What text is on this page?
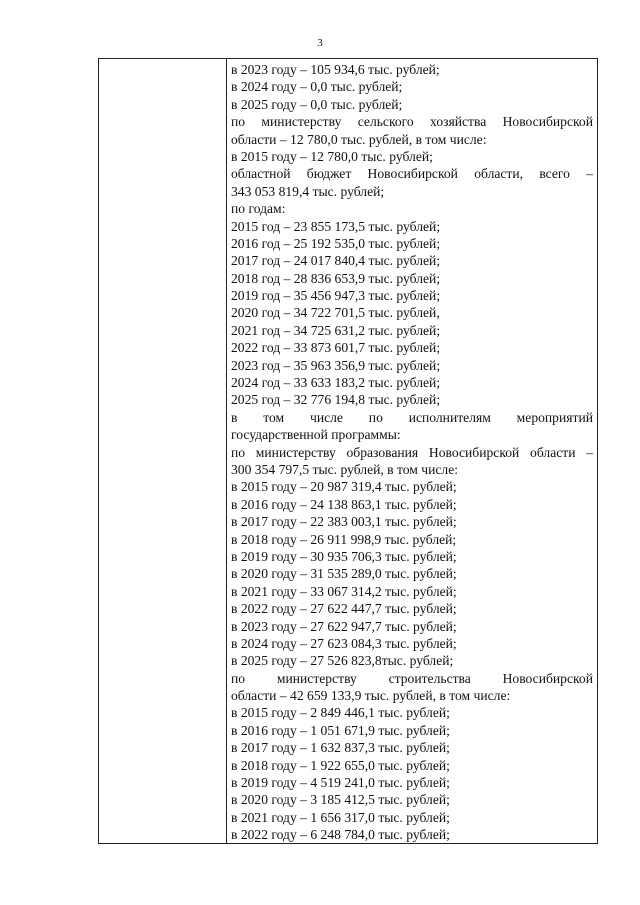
3
в 2023 году – 105 934,6 тыс. рублей;
в 2024 году – 0,0 тыс. рублей;
в 2025 году – 0,0 тыс. рублей;
по министерству сельского хозяйства Новосибирской
области – 12 780,0 тыс. рублей, в том числе:
в 2015 году – 12 780,0 тыс. рублей;
областной бюджет Новосибирской области, всего –
343 053 819,4 тыс. рублей;
по годам:
2015 год – 23 855 173,5 тыс. рублей;
2016 год – 25 192 535,0 тыс. рублей;
2017 год – 24 017 840,4 тыс. рублей;
2018 год – 28 836 653,9 тыс. рублей;
2019 год – 35 456 947,3 тыс. рублей;
2020 год – 34 722 701,5 тыс. рублей,
2021 год – 34 725 631,2 тыс. рублей;
2022 год – 33 873 601,7 тыс. рублей;
2023 год – 35 963 356,9 тыс. рублей;
2024 год – 33 633 183,2 тыс. рублей;
2025 год – 32 776 194,8 тыс. рублей;
в том числе по исполнителям мероприятий
государственной программы:
по министерству образования Новосибирской области –
300 354 797,5 тыс. рублей, в том числе:
в 2015 году – 20 987 319,4 тыс. рублей;
в 2016 году – 24 138 863,1 тыс. рублей;
в 2017 году – 22 383 003,1 тыс. рублей;
в 2018 году – 26 911 998,9 тыс. рублей;
в 2019 году – 30 935 706,3 тыс. рублей;
в 2020 году – 31 535 289,0 тыс. рублей;
в 2021 году – 33 067 314,2 тыс. рублей;
в 2022 году – 27 622 447,7 тыс. рублей;
в 2023 году – 27 622 947,7 тыс. рублей;
в 2024 году – 27 623 084,3 тыс. рублей;
в 2025 году – 27 526 823,8тыс. рублей;
по министерству строительства Новосибирской
области – 42 659 133,9 тыс. рублей, в том числе:
в 2015 году – 2 849 446,1 тыс. рублей;
в 2016 году – 1 051 671,9 тыс. рублей;
в 2017 году – 1 632 837,3 тыс. рублей;
в 2018 году – 1 922 655,0 тыс. рублей;
в 2019 году – 4 519 241,0 тыс. рублей;
в 2020 году – 3 185 412,5 тыс. рублей;
в 2021 году – 1 656 317,0 тыс. рублей;
в 2022 году – 6 248 784,0 тыс. рублей;
